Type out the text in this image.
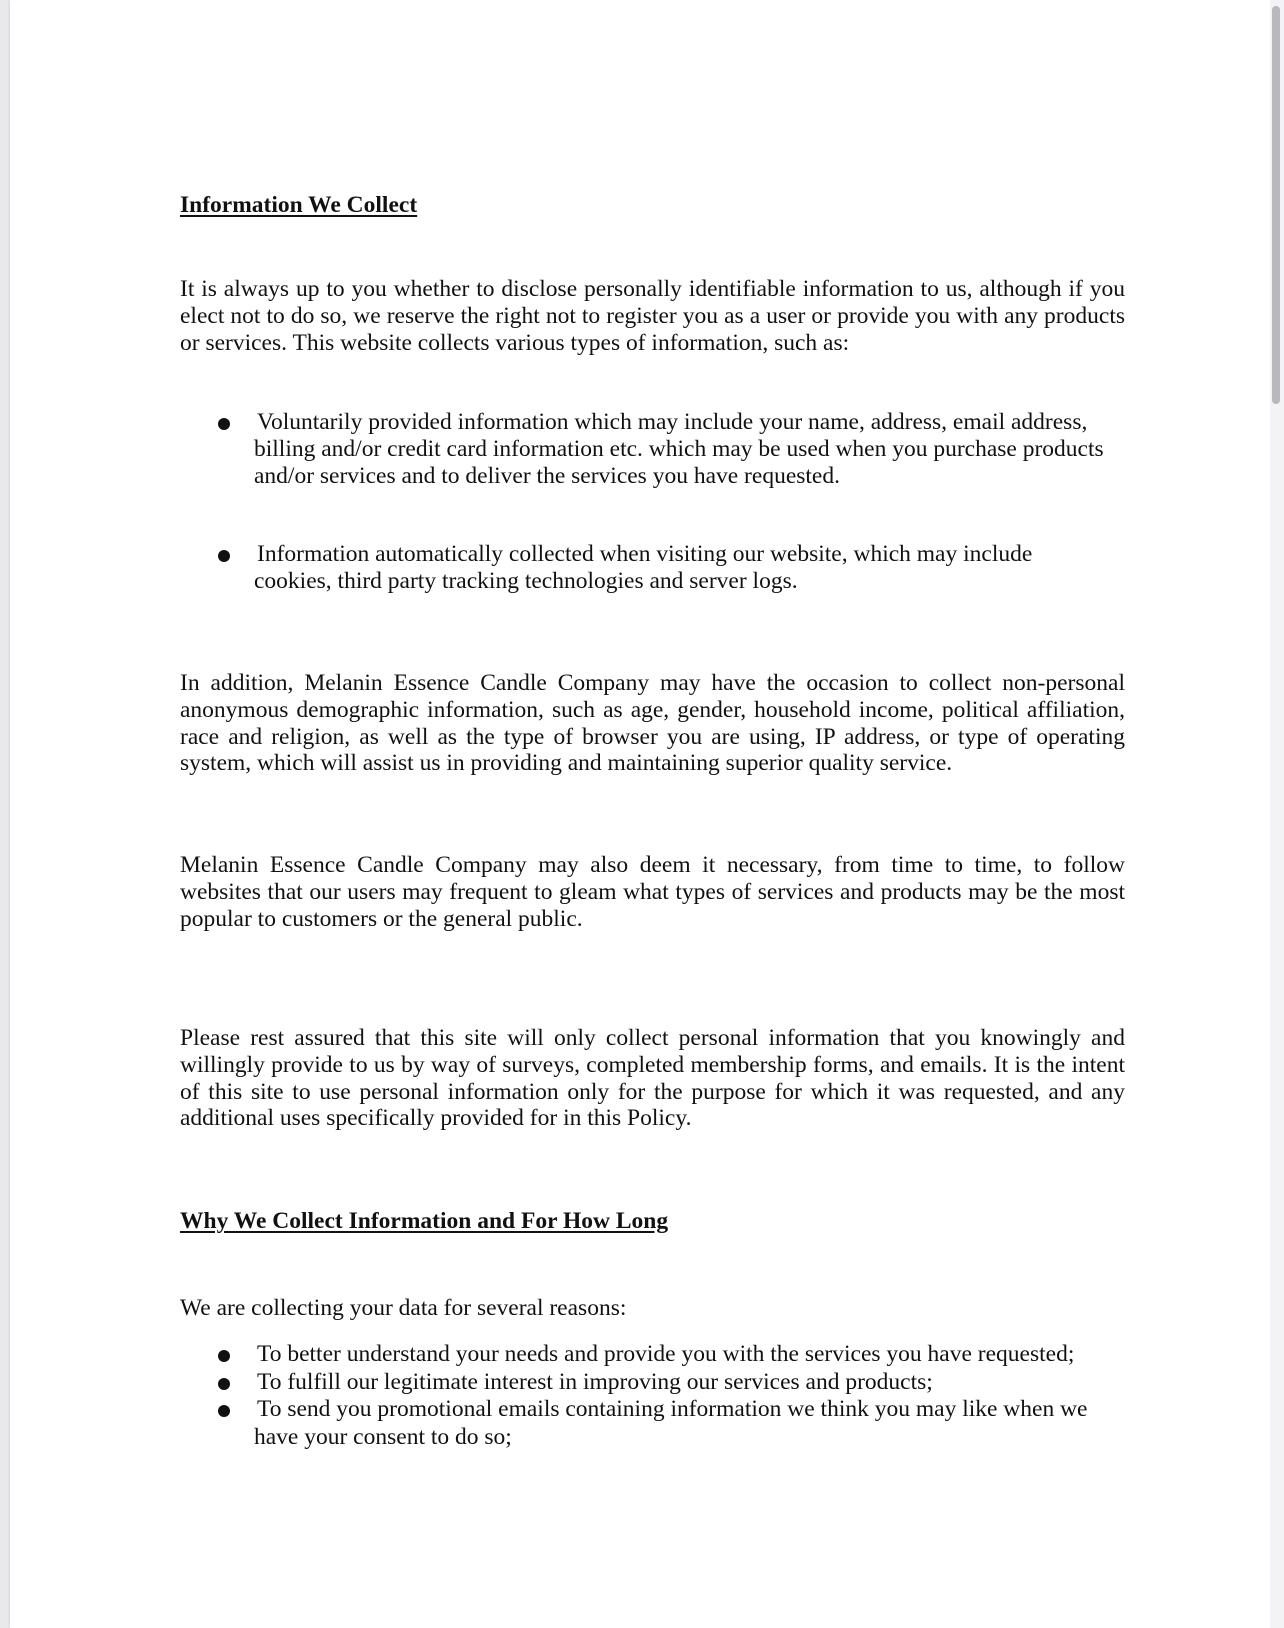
Information We Collect

It is always up to you whether to disclose personally identifiable information to us, although if you elect not to do so, we reserve the right not to register you as a user or provide you with any products or services. This website collects various types of information, such as:

Voluntarily provided information which may include your name, address, email address, billing and/or credit card information etc. which may be used when you purchase products and/or services and to deliver the services you have requested.
Information automatically collected when visiting our website, which may include cookies, third party tracking technologies and server logs.

In addition, Melanin Essence Candle Company may have the occasion to collect non-personal anonymous demographic information, such as age, gender, household income, political affiliation, race and religion, as well as the type of browser you are using, IP address, or type of operating system, which will assist us in providing and maintaining superior quality service.

Melanin Essence Candle Company may also deem it necessary, from time to time, to follow websites that our users may frequent to gleam what types of services and products may be the most popular to customers or the general public.

Please rest assured that this site will only collect personal information that you knowingly and willingly provide to us by way of surveys, completed membership forms, and emails. It is the intent of this site to use personal information only for the purpose for which it was requested, and any additional uses specifically provided for in this Policy.

Why We Collect Information and For How Long

We are collecting your data for several reasons:

To better understand your needs and provide you with the services you have requested;
To fulfill our legitimate interest in improving our services and products;
To send you promotional emails containing information we think you may like when we have your consent to do so;
